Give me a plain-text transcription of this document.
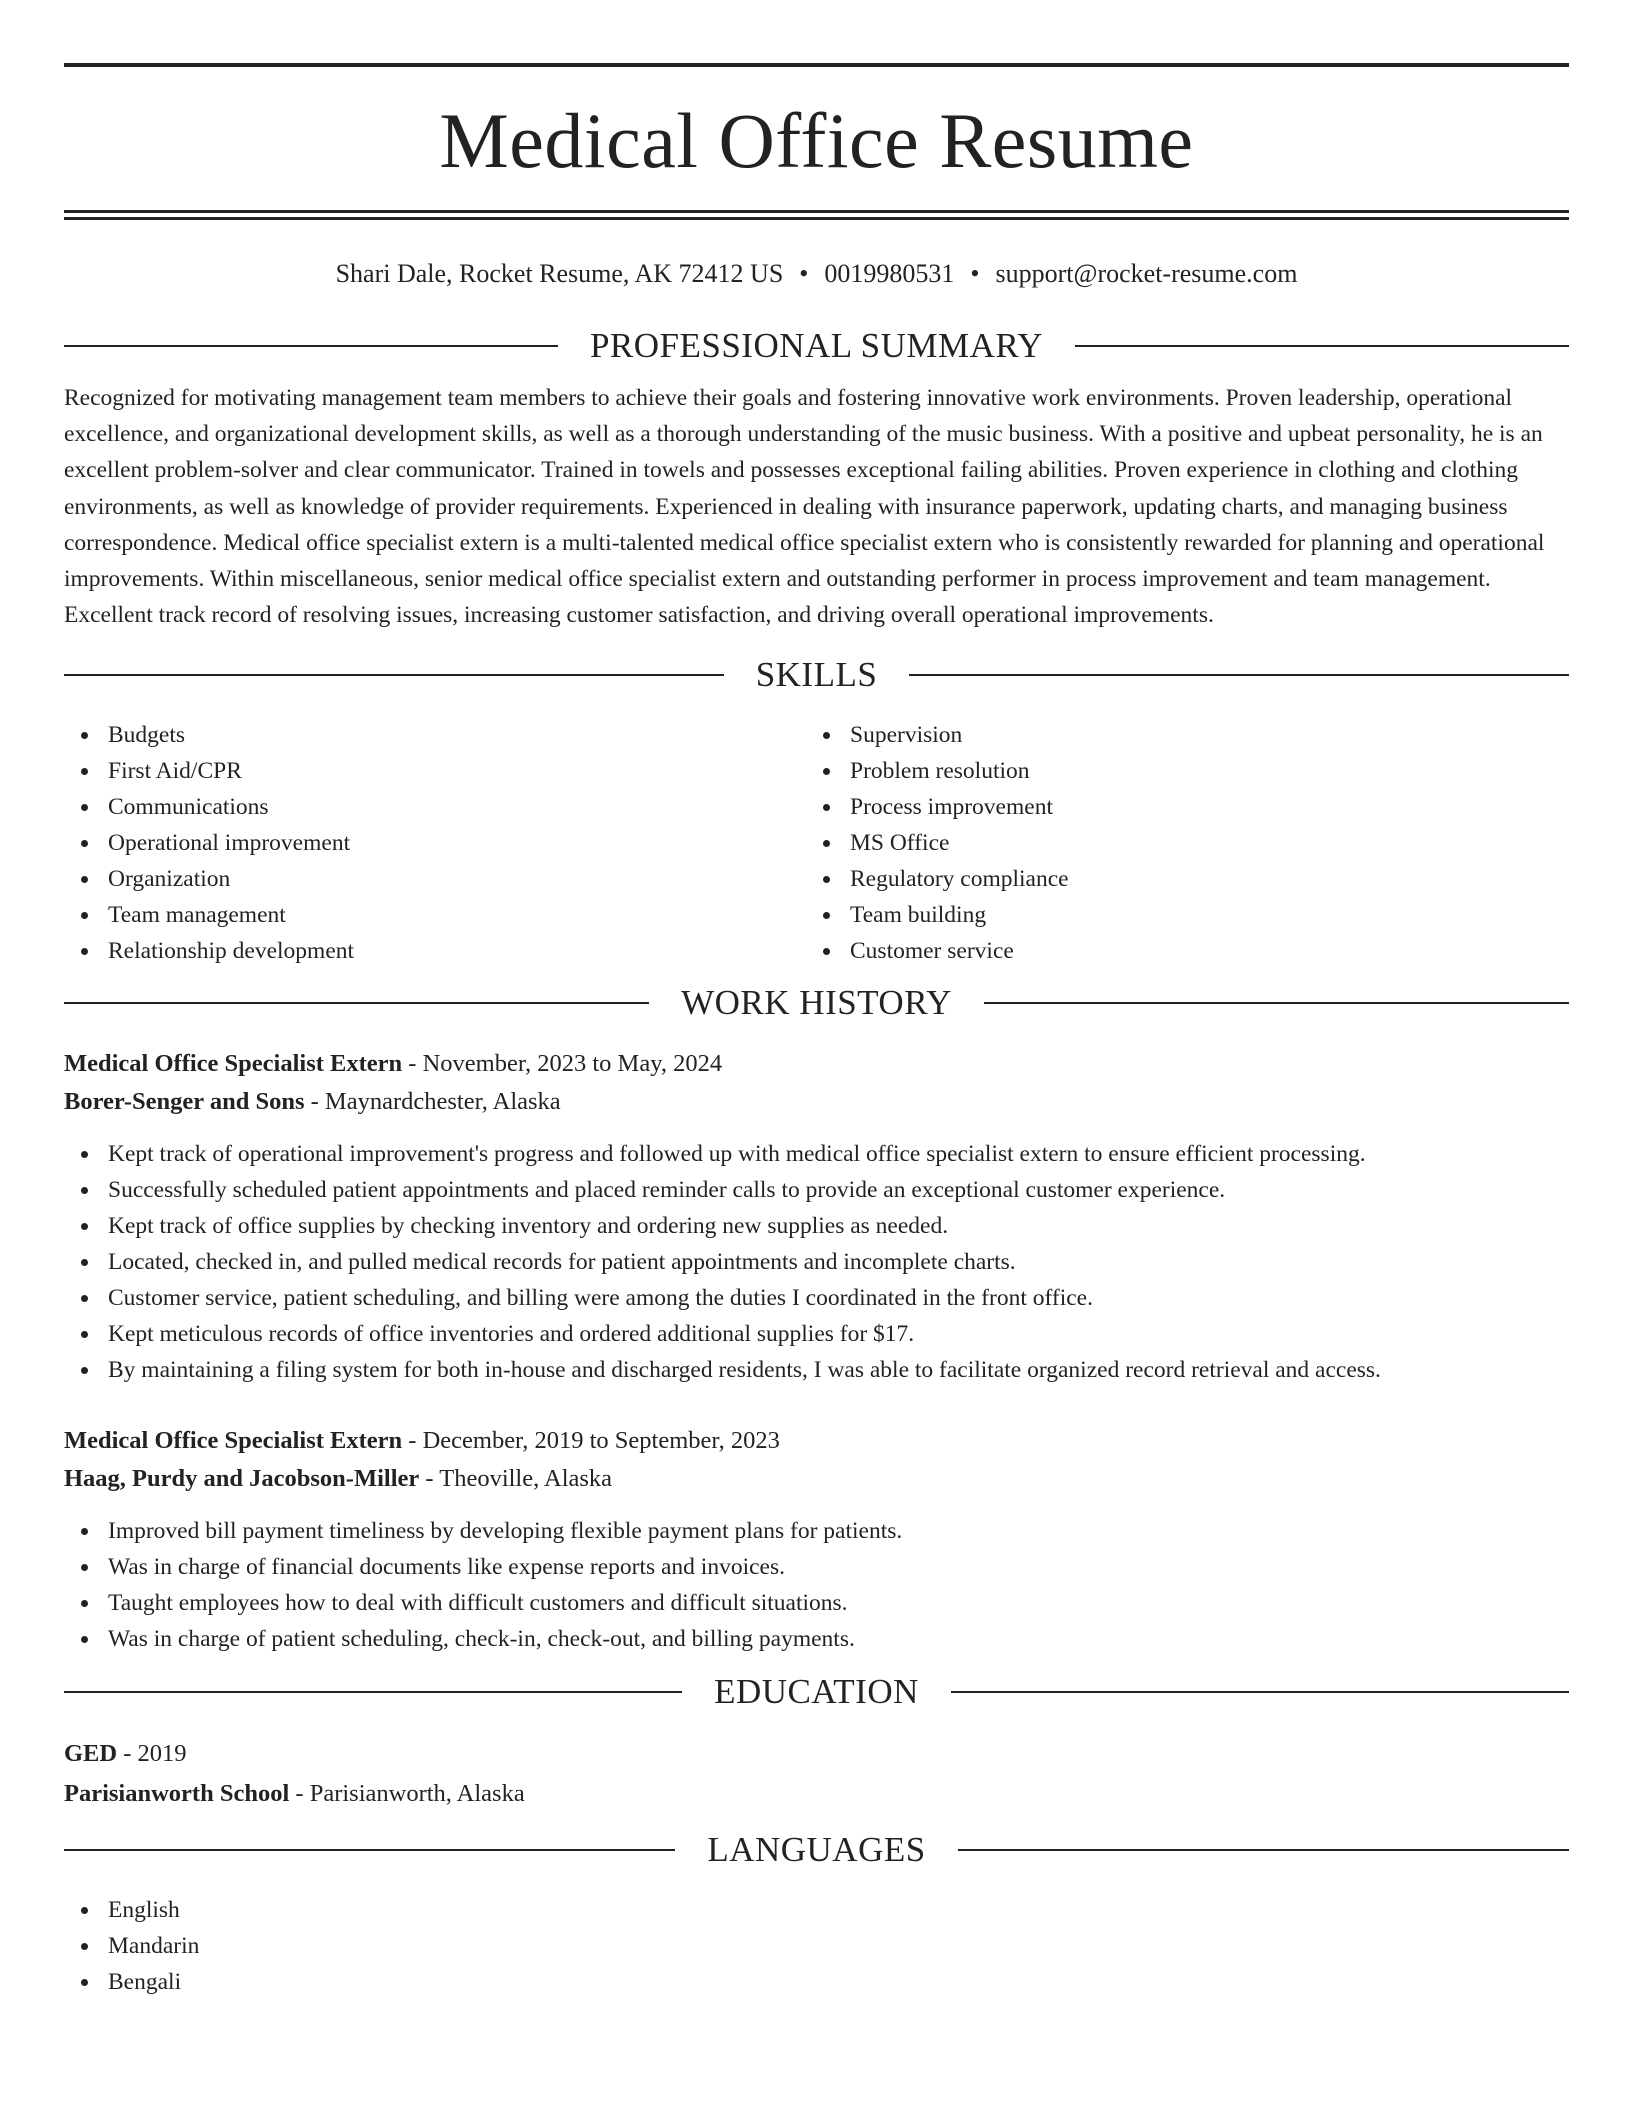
Medical Office Resume
Shari Dale, Rocket Resume, AK 72412 US • 0019980531 • support@rocket-resume.com
PROFESSIONAL SUMMARY

Recognized for motivating management team members to achieve their goals and fostering innovative work environments. Proven leadership, operational excellence, and organizational development skills, as well as a thorough understanding of the music business. With a positive and upbeat personality, he is an excellent problem-solver and clear communicator. Trained in towels and possesses exceptional failing abilities. Proven experience in clothing and clothing environments, as well as knowledge of provider requirements. Experienced in dealing with insurance paperwork, updating charts, and managing business correspondence. Medical office specialist extern is a multi-talented medical office specialist extern who is consistently rewarded for planning and operational improvements. Within miscellaneous, senior medical office specialist extern and outstanding performer in process improvement and team management. Excellent track record of resolving issues, increasing customer satisfaction, and driving overall operational improvements.

SKILLS
Budgets
First Aid/CPR
Communications
Operational improvement
Organization
Team management
Relationship development
Supervision
Problem resolution
Process improvement
MS Office
Regulatory compliance
Team building
Customer service
WORK HISTORY
Medical Office Specialist Extern - November, 2023 to May, 2024
Borer-Senger and Sons - Maynardchester, Alaska
Kept track of operational improvement's progress and followed up with medical office specialist extern to ensure efficient processing.
Successfully scheduled patient appointments and placed reminder calls to provide an exceptional customer experience.
Kept track of office supplies by checking inventory and ordering new supplies as needed.
Located, checked in, and pulled medical records for patient appointments and incomplete charts.
Customer service, patient scheduling, and billing were among the duties I coordinated in the front office.
Kept meticulous records of office inventories and ordered additional supplies for $17.
By maintaining a filing system for both in-house and discharged residents, I was able to facilitate organized record retrieval and access.
Medical Office Specialist Extern - December, 2019 to September, 2023
Haag, Purdy and Jacobson-Miller - Theoville, Alaska
Improved bill payment timeliness by developing flexible payment plans for patients.
Was in charge of financial documents like expense reports and invoices.
Taught employees how to deal with difficult customers and difficult situations.
Was in charge of patient scheduling, check-in, check-out, and billing payments.
EDUCATION
GED - 2019
Parisianworth School - Parisianworth, Alaska
LANGUAGES
English
Mandarin
Bengali
